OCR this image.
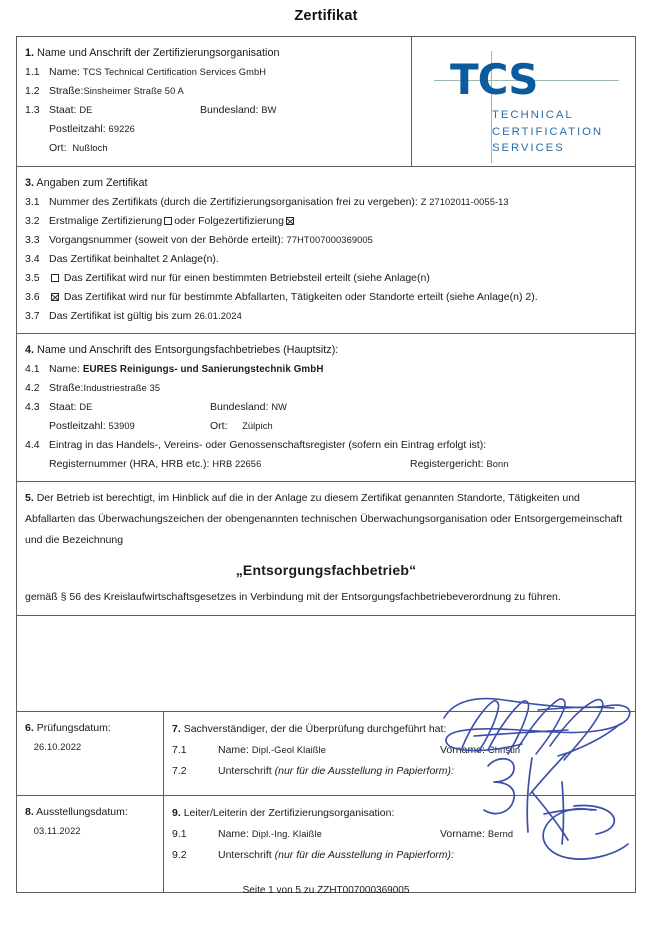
Zertifikat
1. Name und Anschrift der Zertifizierungsorganisation
1.1 Name: TCS Technical Certification Services GmbH
1.2 Straße:Sinsheimer Straße 50 A
1.3 Staat: DE	Bundesland: BW
Postleitzahl: 69226
Ort: Nußloch
TCS
TECHNICAL
CERTIFICATION
SERVICES
3. Angaben zum Zertifikat
3.1 Nummer des Zertifikats (durch die Zertifizierungsorganisation frei zu vergeben): Z 27102011-0055-13
3.2 Erstmalige Zertifizierung oder Folgezertifizierung
3.3 Vorgangsnummer (soweit von der Behörde erteilt): 77HT007000369005
3.4 Das Zertifikat beinhaltet 2 Anlage(n).
3.5 Das Zertifikat wird nur für einen bestimmten Betriebsteil erteilt (siehe Anlage(n)
3.6 Das Zertifikat wird nur für bestimmte Abfallarten, Tätigkeiten oder Standorte erteilt (siehe Anlage(n) 2).
3.7 Das Zertifikat ist gültig bis zum 26.01.2024
4. Name und Anschrift des Entsorgungsfachbetriebes (Hauptsitz):
4.1 Name: EURES Reinigungs- und Sanierungstechnik GmbH
4.2 Straße:Industriestraße 35
4.3 Staat: DE	Bundesland: NW
Postleitzahl: 53909	Ort: Zülpich
4.4 Eintrag in das Handels-, Vereins- oder Genossenschaftsregister (sofern ein Eintrag erfolgt ist):
Registernummer (HRA, HRB etc.): HRB 22656	Registergericht: Bonn
5. Der Betrieb ist berechtigt, im Hinblick auf die in der Anlage zu diesem Zertifikat genannten Standorte, Tätigkeiten und
Abfallarten das Überwachungszeichen der obengenannten technischen Überwachungsorganisation oder Entsorgergemeinschaft
und die Bezeichnung
„Entsorgungsfachbetrieb“
gemäß § 56 des Kreislaufwirtschaftsgesetzes in Verbindung mit der Entsorgungsfachbetriebeverordnung zu führen.
6. Prüfungsdatum:
26.10.2022
7. Sachverständiger, der die Überprüfung durchgeführt hat:
7.1	Name: Dipl.-Geol Klaißle	Vorname: Christin
7.2	Unterschrift (nur für die Ausstellung in Papierform):
8. Ausstellungsdatum:
03.11.2022
9. Leiter/Leiterin der Zertifizierungsorganisation:
9.1	Name: Dipl.-Ing. Klaißle	Vorname: Bernd
9.2	Unterschrift (nur für die Ausstellung in Papierform):
Seite 1 von 5 zu ZZHT007000369005
